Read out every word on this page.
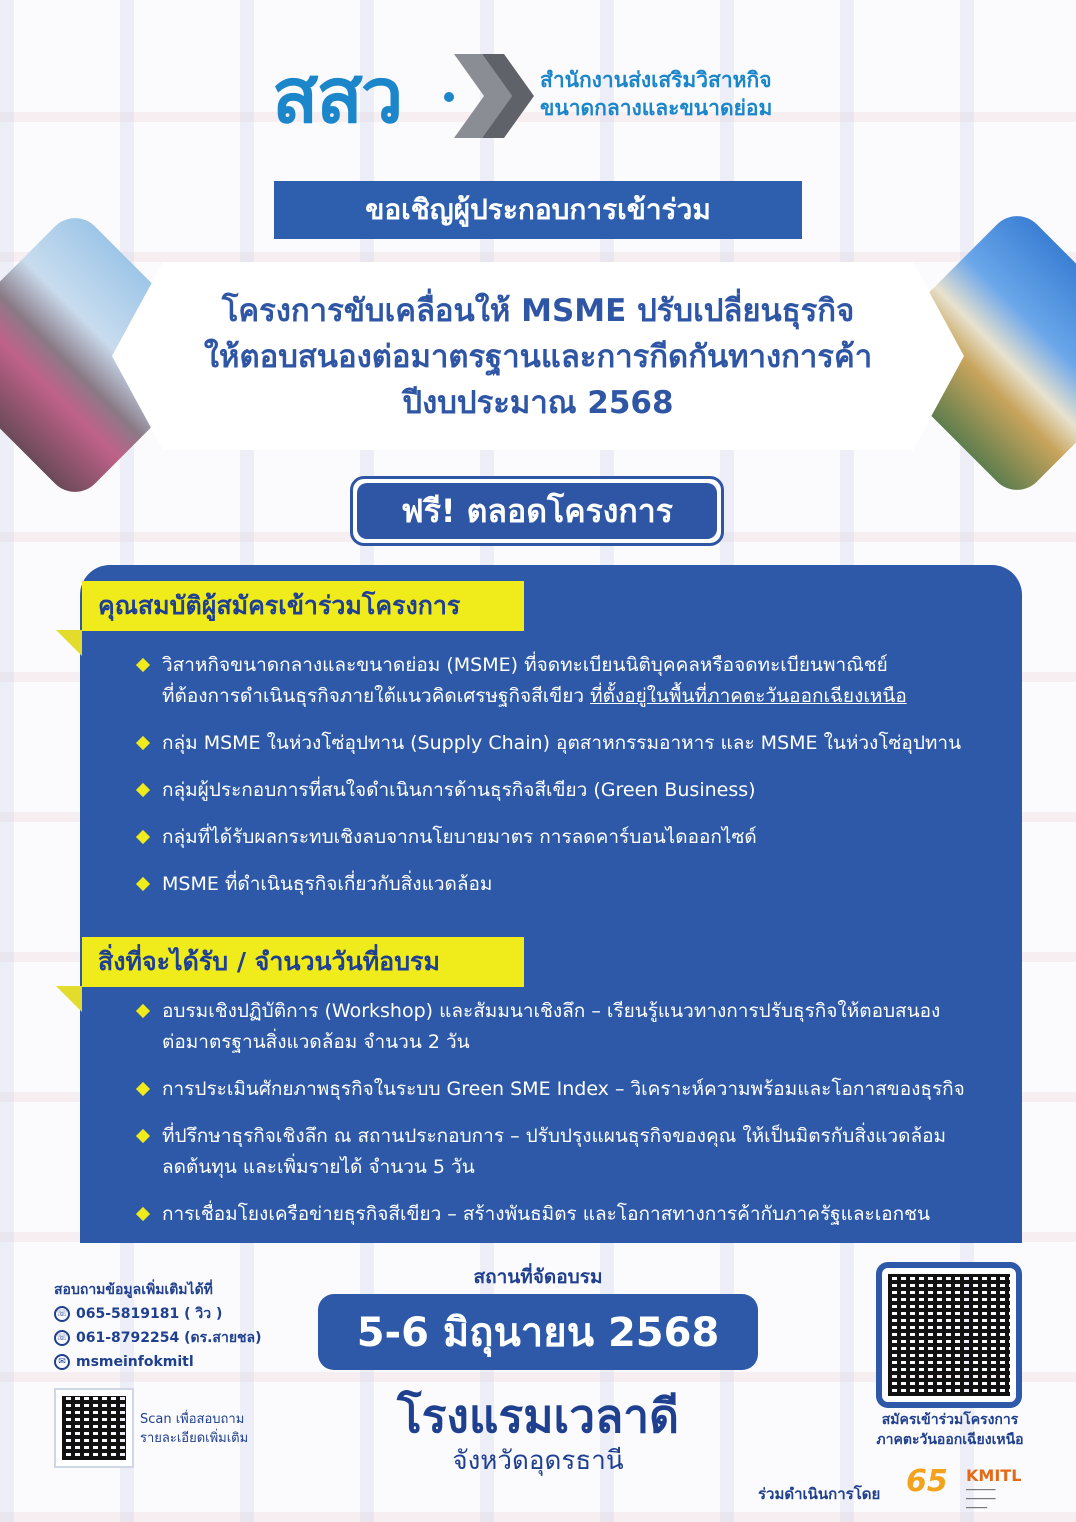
สสว	สำนักงานส่งเสริมวิสาหกิจ
ขนาดกลางและขนาดย่อม
ขอเชิญผู้ประกอบการเข้าร่วม
โครงการขับเคลื่อนให้ MSME ปรับเปลี่ยนธุรกิจ
ให้ตอบสนองต่อมาตรฐานและการกีดกันทางการค้า
ปีงบประมาณ 2568
ฟรี! ตลอดโครงการ
คุณสมบัติผู้สมัครเข้าร่วมโครงการ
วิสาหกิจขนาดกลางและขนาดย่อม (MSME) ที่จดทะเบียนนิติบุคคลหรือจดทะเบียนพาณิชย์
ที่ต้องการดำเนินธุรกิจภายใต้แนวคิดเศรษฐกิจสีเขียว ที่ตั้งอยู่ในพื้นที่ภาคตะวันออกเฉียงเหนือ
กลุ่ม MSME ในห่วงโซ่อุปทาน (Supply Chain) อุตสาหกรรมอาหาร และ MSME ในห่วงโซ่อุปทาน
กลุ่มผู้ประกอบการที่สนใจดำเนินการด้านธุรกิจสีเขียว (Green Business)
กลุ่มที่ได้รับผลกระทบเชิงลบจากนโยบายมาตร การลดคาร์บอนไดออกไซด์
MSME ที่ดำเนินธุรกิจเกี่ยวกับสิ่งแวดล้อม
สิ่งที่จะได้รับ / จำนวนวันที่อบรม
อบรมเชิงปฏิบัติการ (Workshop) และสัมมนาเชิงลึก – เรียนรู้แนวทางการปรับธุรกิจให้ตอบสนอง
ต่อมาตรฐานสิ่งแวดล้อม จำนวน 2 วัน
การประเมินศักยภาพธุรกิจในระบบ Green SME Index – วิเคราะห์ความพร้อมและโอกาสของธุรกิจ
ที่ปรึกษาธุรกิจเชิงลึก ณ สถานประกอบการ – ปรับปรุงแผนธุรกิจของคุณ ให้เป็นมิตรกับสิ่งแวดล้อม
ลดต้นทุน และเพิ่มรายได้ จำนวน 5 วัน
การเชื่อมโยงเครือข่ายธุรกิจสีเขียว – สร้างพันธมิตร และโอกาสทางการค้ากับภาครัฐและเอกชน
สอบถามข้อมูลเพิ่มเติมได้ที่
☏ 065-5819181 ( วิว )
☏ 061-8792254 (ดร.สายชล)
✉ msmeinfokmitl
Scan เพื่อสอบถาม
รายละเอียดเพิ่มเติม
สถานที่จัดอบรม
5-6 มิถุนายน 2568
โรงแรมเวลาดี
จังหวัดอุดรธานี
สมัครเข้าร่วมโครงการ
ภาคตะวันออกเฉียงเหนือ
ร่วมดำเนินการโดย 65 KMITL
━━━━━━━
━━━━━━━
━━━━━
